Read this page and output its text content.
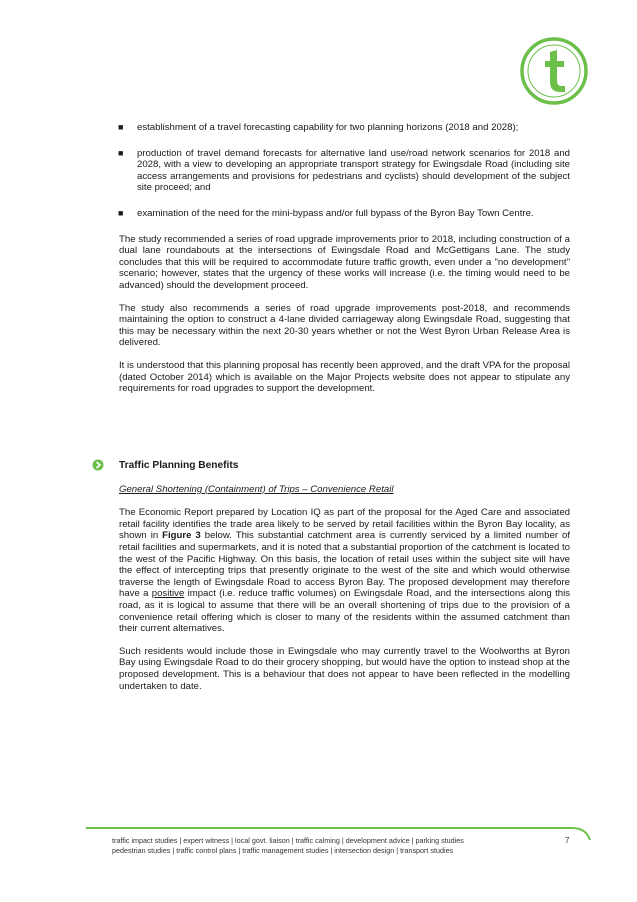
■ establishment of a travel forecasting capability for two planning horizons (2018 and 2028);
■ production of travel demand forecasts for alternative land use/road network scenarios for 2018 and 2028, with a view to developing an appropriate transport strategy for Ewingsdale Road (including site access arrangements and provisions for pedestrians and cyclists) should development of the subject site proceed; and
■ examination of the need for the mini-bypass and/or full bypass of the Byron Bay Town Centre.

The study recommended a series of road upgrade improvements prior to 2018, including construction of a dual lane roundabouts at the intersections of Ewingsdale Road and McGettigans Lane. The study concludes that this will be required to accommodate future traffic growth, even under a "no development" scenario; however, states that the urgency of these works will increase (i.e. the timing would need to be advanced) should the development proceed.

The study also recommends a series of road upgrade improvements post-2018, and recommends maintaining the option to construct a 4-lane divided carriageway along Ewingsdale Road, suggesting that this may be necessary within the next 20-30 years whether or not the West Byron Urban Release Area is delivered.

It is understood that this planning proposal has recently been approved, and the draft VPA for the proposal (dated October 2014) which is available on the Major Projects website does not appear to stipulate any requirements for road upgrades to support the development.

Traffic Planning Benefits

General Shortening (Containment) of Trips – Convenience Retail

The Economic Report prepared by Location IQ as part of the proposal for the Aged Care and associated retail facility identifies the trade area likely to be served by retail facilities within the Byron Bay locality, as shown in Figure 3 below. This substantial catchment area is currently serviced by a limited number of retail facilities and supermarkets, and it is noted that a substantial proportion of the catchment is located to the west of the Pacific Highway. On this basis, the location of retail uses within the subject site will have the effect of intercepting trips that presently originate to the west of the site and which would otherwise traverse the length of Ewingsdale Road to access Byron Bay. The proposed development may therefore have a positive impact (i.e. reduce traffic volumes) on Ewingsdale Road, and the intersections along this road, as it is logical to assume that there will be an overall shortening of trips due to the provision of a convenience retail offering which is closer to many of the residents within the assumed catchment than their current alternatives.

Such residents would include those in Ewingsdale who may currently travel to the Woolworths at Byron Bay using Ewingsdale Road to do their grocery shopping, but would have the option to instead shop at the proposed development. This is a behaviour that does not appear to have been reflected in the modelling undertaken to date.

traffic impact studies | expert witness | local govt. liaison | traffic calming | development advice | parking studies
pedestrian studies | traffic control plans | traffic management studies | intersection design | transport studies
7
